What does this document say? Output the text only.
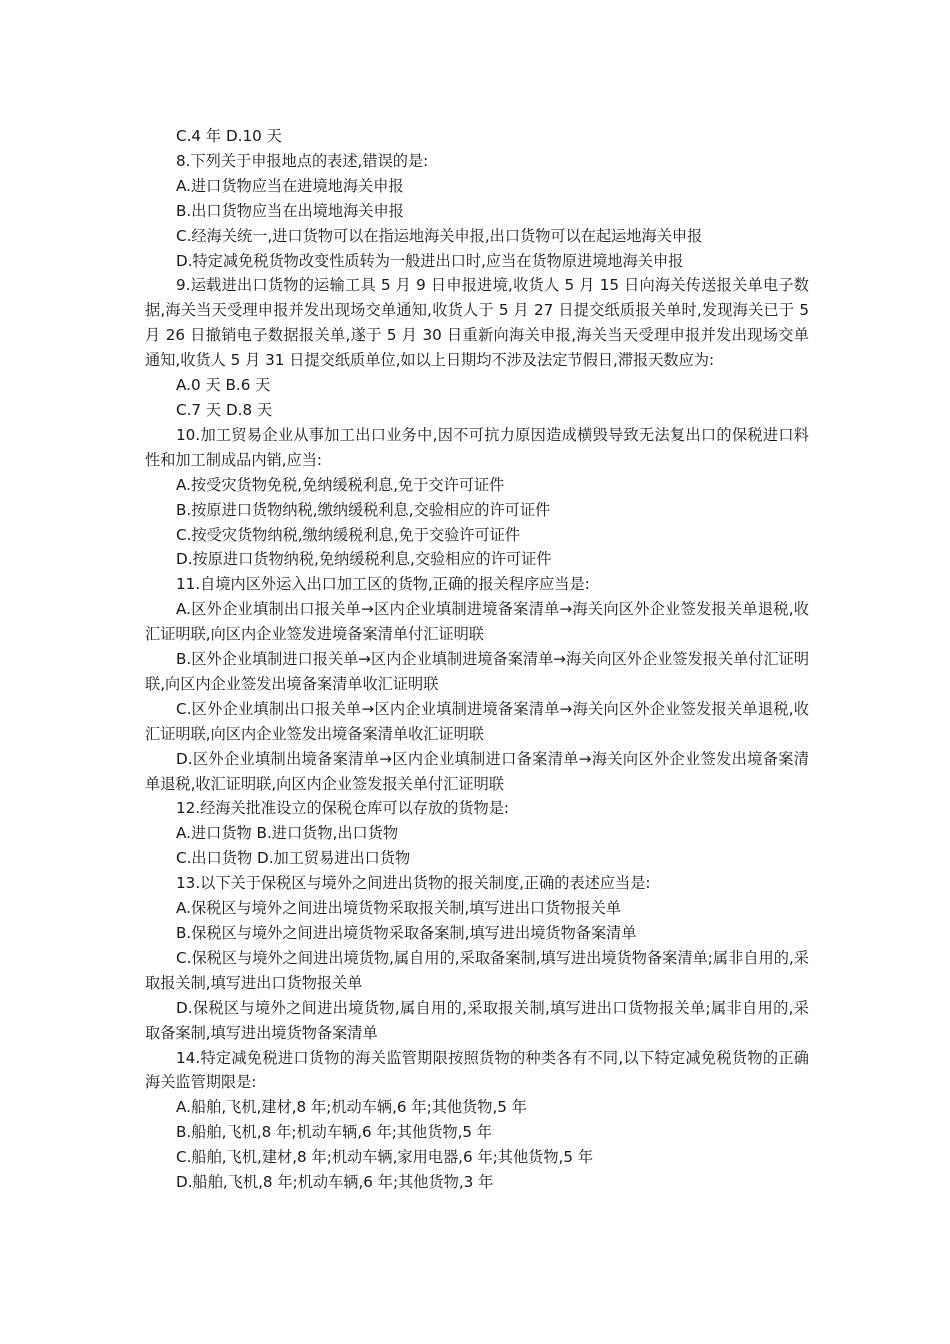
C.4 年 D.10 天
8.下列关于申报地点的表述,错误的是:
A.进口货物应当在进境地海关申报
B.出口货物应当在出境地海关申报
C.经海关统一,进口货物可以在指运地海关申报,出口货物可以在起运地海关申报
D.特定减免税货物改变性质转为一般进出口时,应当在货物原进境地海关申报
9.运载进出口货物的运输工具 5 月 9 日申报进境,收货人 5 月 15 日向海关传送报关单电子数据,海关当天受理申报并发出现场交单通知,收货人于 5 月 27 日提交纸质报关单时,发现海关已于 5 月 26 日撤销电子数据报关单,遂于 5 月 30 日重新向海关申报,海关当天受理申报并发出现场交单通知,收货人 5 月 31 日提交纸质单位,如以上日期均不涉及法定节假日,滞报天数应为:
A.0 天 B.6 天
C.7 天 D.8 天
10.加工贸易企业从事加工出口业务中,因不可抗力原因造成横毁导致无法复出口的保税进口料性和加工制成品内销,应当:
A.按受灾货物免税,免纳缓税利息,免于交许可证件
B.按原进口货物纳税,缴纳缓税利息,交验相应的许可证件
C.按受灾货物纳税,缴纳缓税利息,免于交验许可证件
D.按原进口货物纳税,免纳缓税利息,交验相应的许可证件
11.自境内区外运入出口加工区的货物,正确的报关程序应当是:
A.区外企业填制出口报关单→区内企业填制进境备案清单→海关向区外企业签发报关单退税,收汇证明联,向区内企业签发进境备案清单付汇证明联
B.区外企业填制进口报关单→区内企业填制进境备案清单→海关向区外企业签发报关单付汇证明联,向区内企业签发出境备案清单收汇证明联
C.区外企业填制出口报关单→区内企业填制进境备案清单→海关向区外企业签发报关单退税,收汇证明联,向区内企业签发出境备案清单收汇证明联
D.区外企业填制出境备案清单→区内企业填制进口备案清单→海关向区外企业签发出境备案清单退税,收汇证明联,向区内企业签发报关单付汇证明联
12.经海关批准设立的保税仓库可以存放的货物是:
A.进口货物 B.进口货物,出口货物
C.出口货物 D.加工贸易进出口货物
13.以下关于保税区与境外之间进出货物的报关制度,正确的表述应当是:
A.保税区与境外之间进出境货物采取报关制,填写进出口货物报关单
B.保税区与境外之间进出境货物采取备案制,填写进出境货物备案清单
C.保税区与境外之间进出境货物,属自用的,采取备案制,填写进出境货物备案清单;属非自用的,采取报关制,填写进出口货物报关单
D.保税区与境外之间进出境货物,属自用的,采取报关制,填写进出口货物报关单;属非自用的,采取备案制,填写进出境货物备案清单
14.特定减免税进口货物的海关监管期限按照货物的种类各有不同,以下特定减免税货物的正确海关监管期限是:
A.船舶,飞机,建材,8 年;机动车辆,6 年;其他货物,5 年
B.船舶,飞机,8 年;机动车辆,6 年;其他货物,5 年
C.船舶,飞机,建材,8 年;机动车辆,家用电器,6 年;其他货物,5 年
D.船舶,飞机,8 年;机动车辆,6 年;其他货物,3 年
